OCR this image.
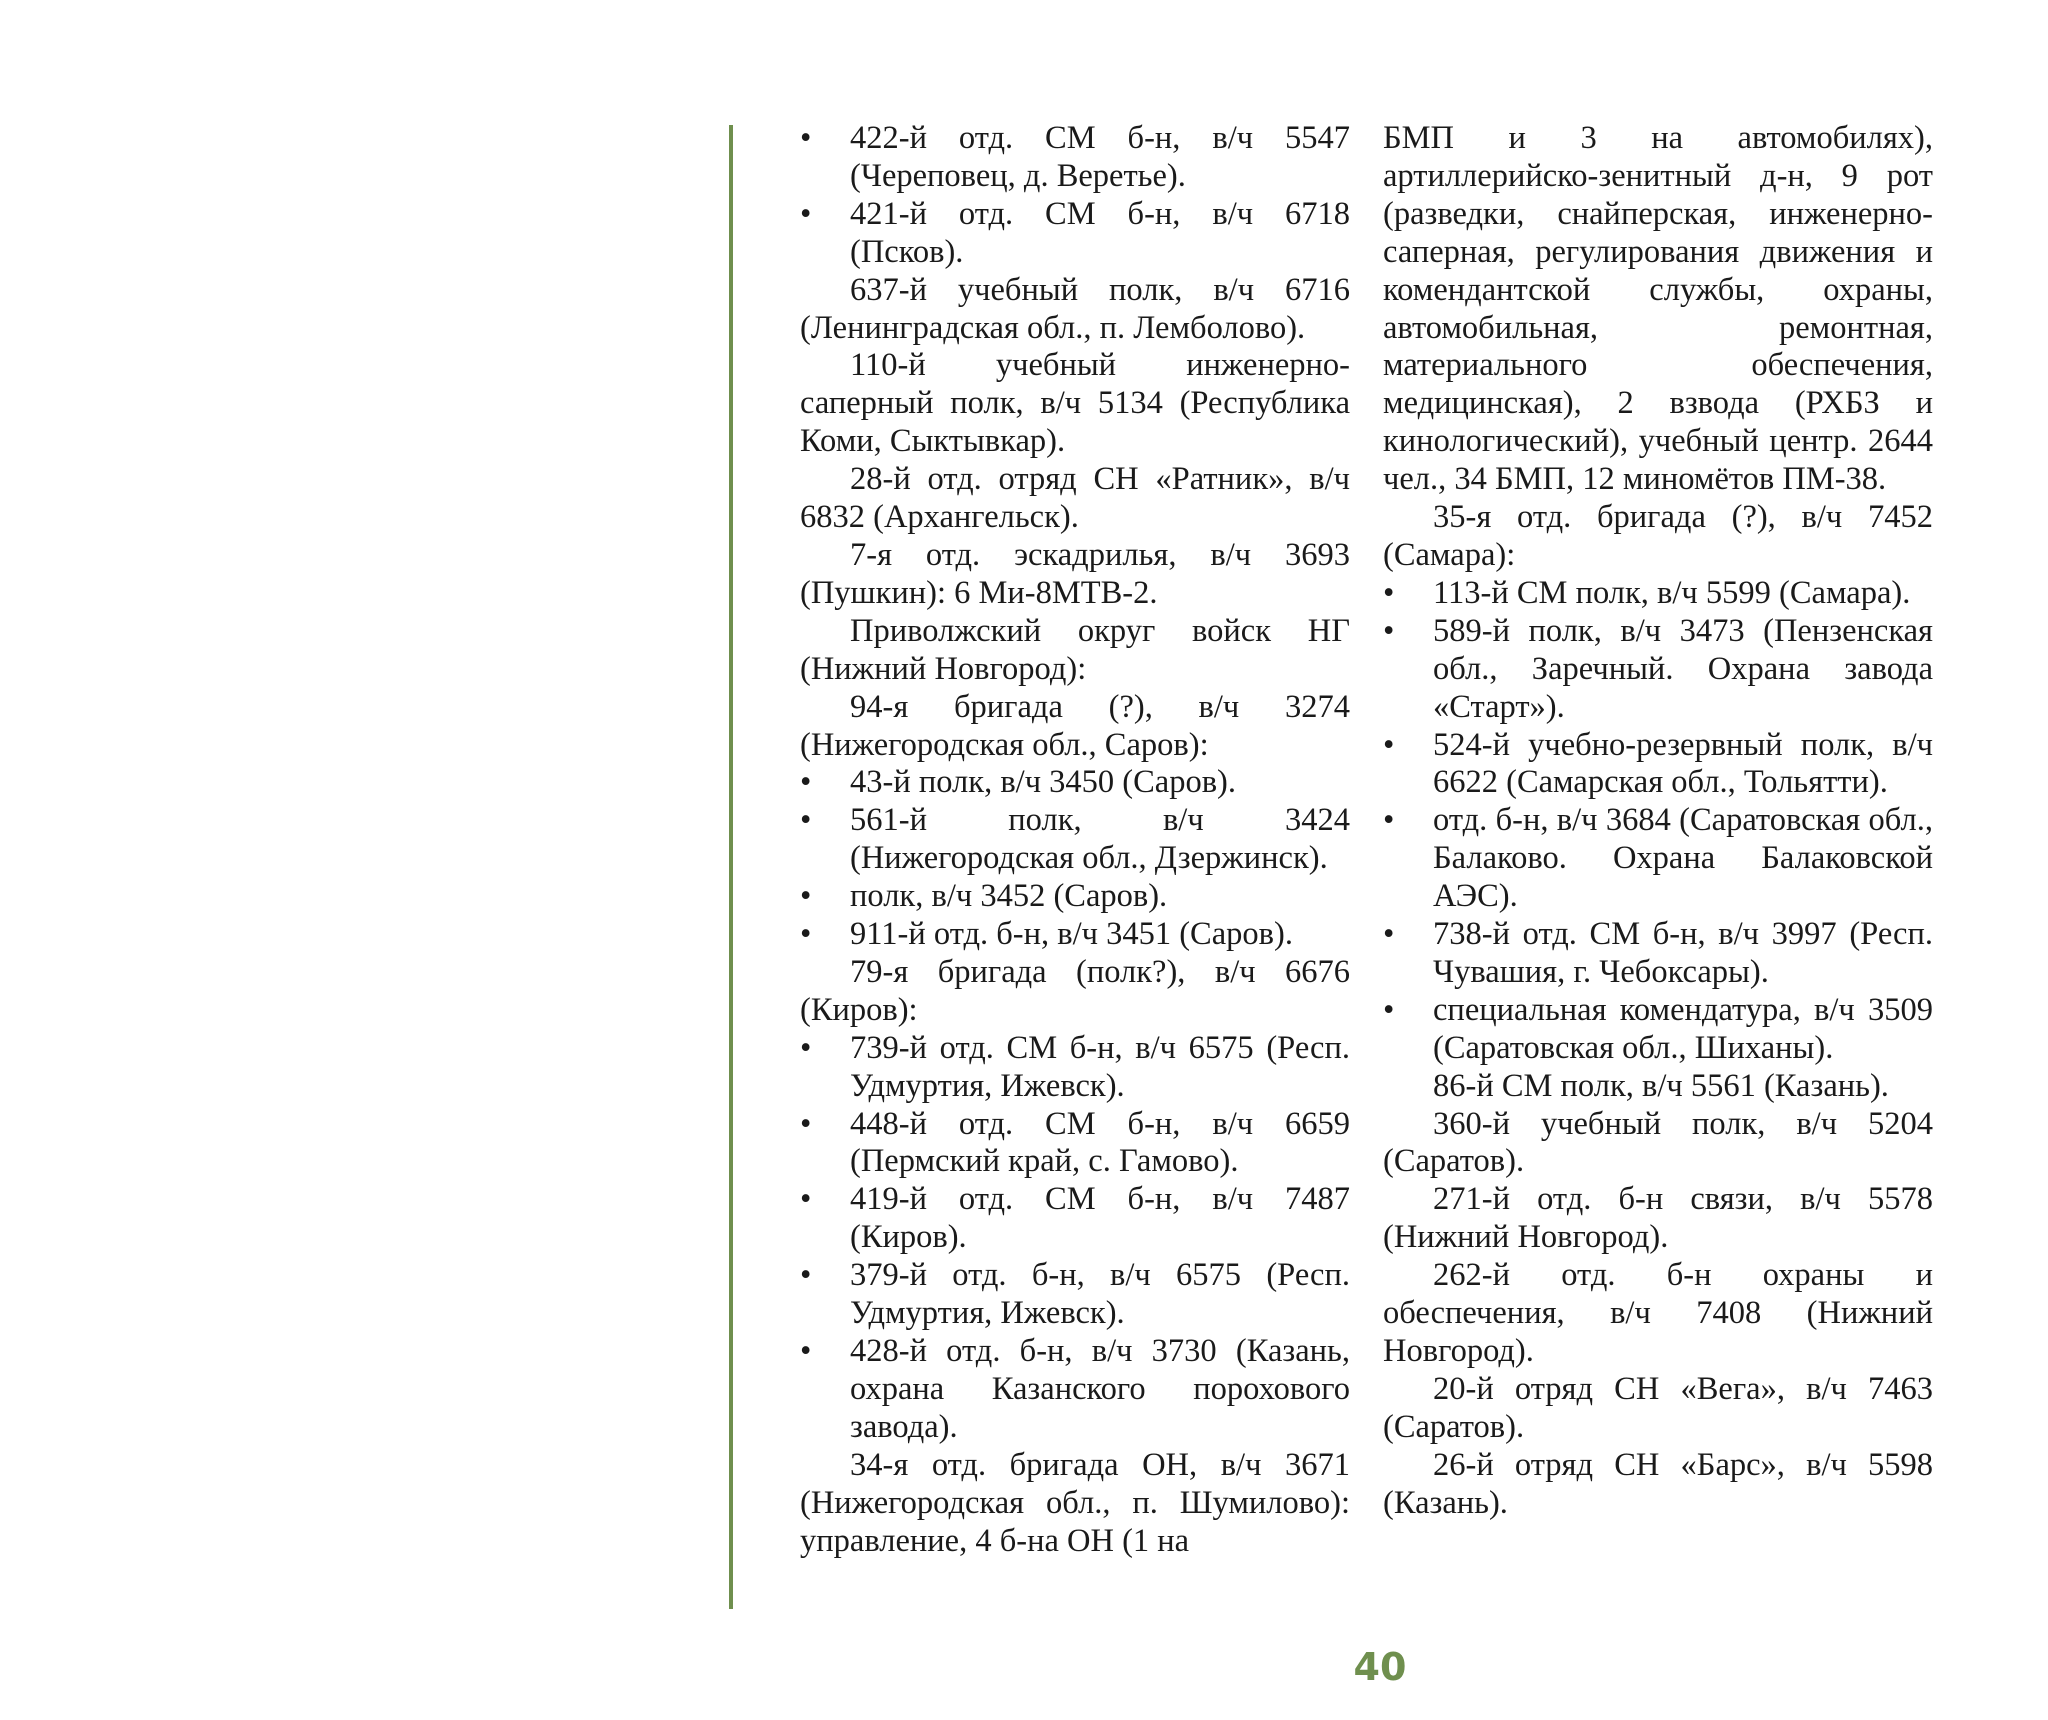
• 422-й отд. СМ б-н, в/ч 5547 (Череповец, д. Веретье).

• 421-й отд. СМ б-н, в/ч 6718 (Псков).

637-й учебный полк, в/ч 6716 (Ленинградская обл., п. Лемболово).

110-й учебный инженерно-саперный полк, в/ч 5134 (Республика Коми, Сыктывкар).

28-й отд. отряд СН «Ратник», в/ч 6832 (Архангельск).

7-я отд. эскадрилья, в/ч 3693 (Пушкин): 6 Ми-8МТВ-2.

Приволжский округ войск НГ (Нижний Новгород):

94-я бригада (?), в/ч 3274 (Нижегородская обл., Саров):

• 43-й полк, в/ч 3450 (Саров).

• 561-й полк, в/ч 3424 (Нижегородская обл., Дзержинск).

• полк, в/ч 3452 (Саров).

• 911-й отд. б-н, в/ч 3451 (Саров).

79-я бригада (полк?), в/ч 6676 (Киров):

• 739-й отд. СМ б-н, в/ч 6575 (Респ. Удмуртия, Ижевск).

• 448-й отд. СМ б-н, в/ч 6659 (Пермский край, с. Гамово).

• 419-й отд. СМ б-н, в/ч 7487 (Киров).

• 379-й отд. б-н, в/ч 6575 (Респ. Удмуртия, Ижевск).

• 428-й отд. б-н, в/ч 3730 (Казань, охрана Казанского порохового завода).

34-я отд. бригада ОН, в/ч 3671 (Нижегородская обл., п. Шумилово): управление, 4 б-на ОН (1 на

БМП и 3 на автомобилях), артиллерийско-зенитный д-н, 9 рот (разведки, снайперская, инженерно-саперная, регулирования движения и комендантской службы, охраны, автомобильная, ремонтная, материального обеспечения, медицинская), 2 взвода (РХБЗ и кинологический), учебный центр. 2644 чел., 34 БМП, 12 миномётов ПМ-38.

35-я отд. бригада (?), в/ч 7452 (Самара):

• 113-й СМ полк, в/ч 5599 (Самара).

• 589-й полк, в/ч 3473 (Пензенская обл., Заречный. Охрана завода «Старт»).

• 524-й учебно-резервный полк, в/ч 6622 (Самарская обл., Тольятти).

• отд. б-н, в/ч 3684 (Саратовская обл., Балаково. Охрана Балаковской АЭС).

• 738-й отд. СМ б-н, в/ч 3997 (Респ. Чувашия, г. Чебоксары).

• специальная комендатура, в/ч 3509 (Саратовская обл., Шиханы).

86-й СМ полк, в/ч 5561 (Казань).

360-й учебный полк, в/ч 5204 (Саратов).

271-й отд. б-н связи, в/ч 5578 (Нижний Новгород).

262-й отд. б-н охраны и обеспечения, в/ч 7408 (Нижний Новгород).

20-й отряд СН «Вега», в/ч 7463 (Саратов).

26-й отряд СН «Барс», в/ч 5598 (Казань).

40
